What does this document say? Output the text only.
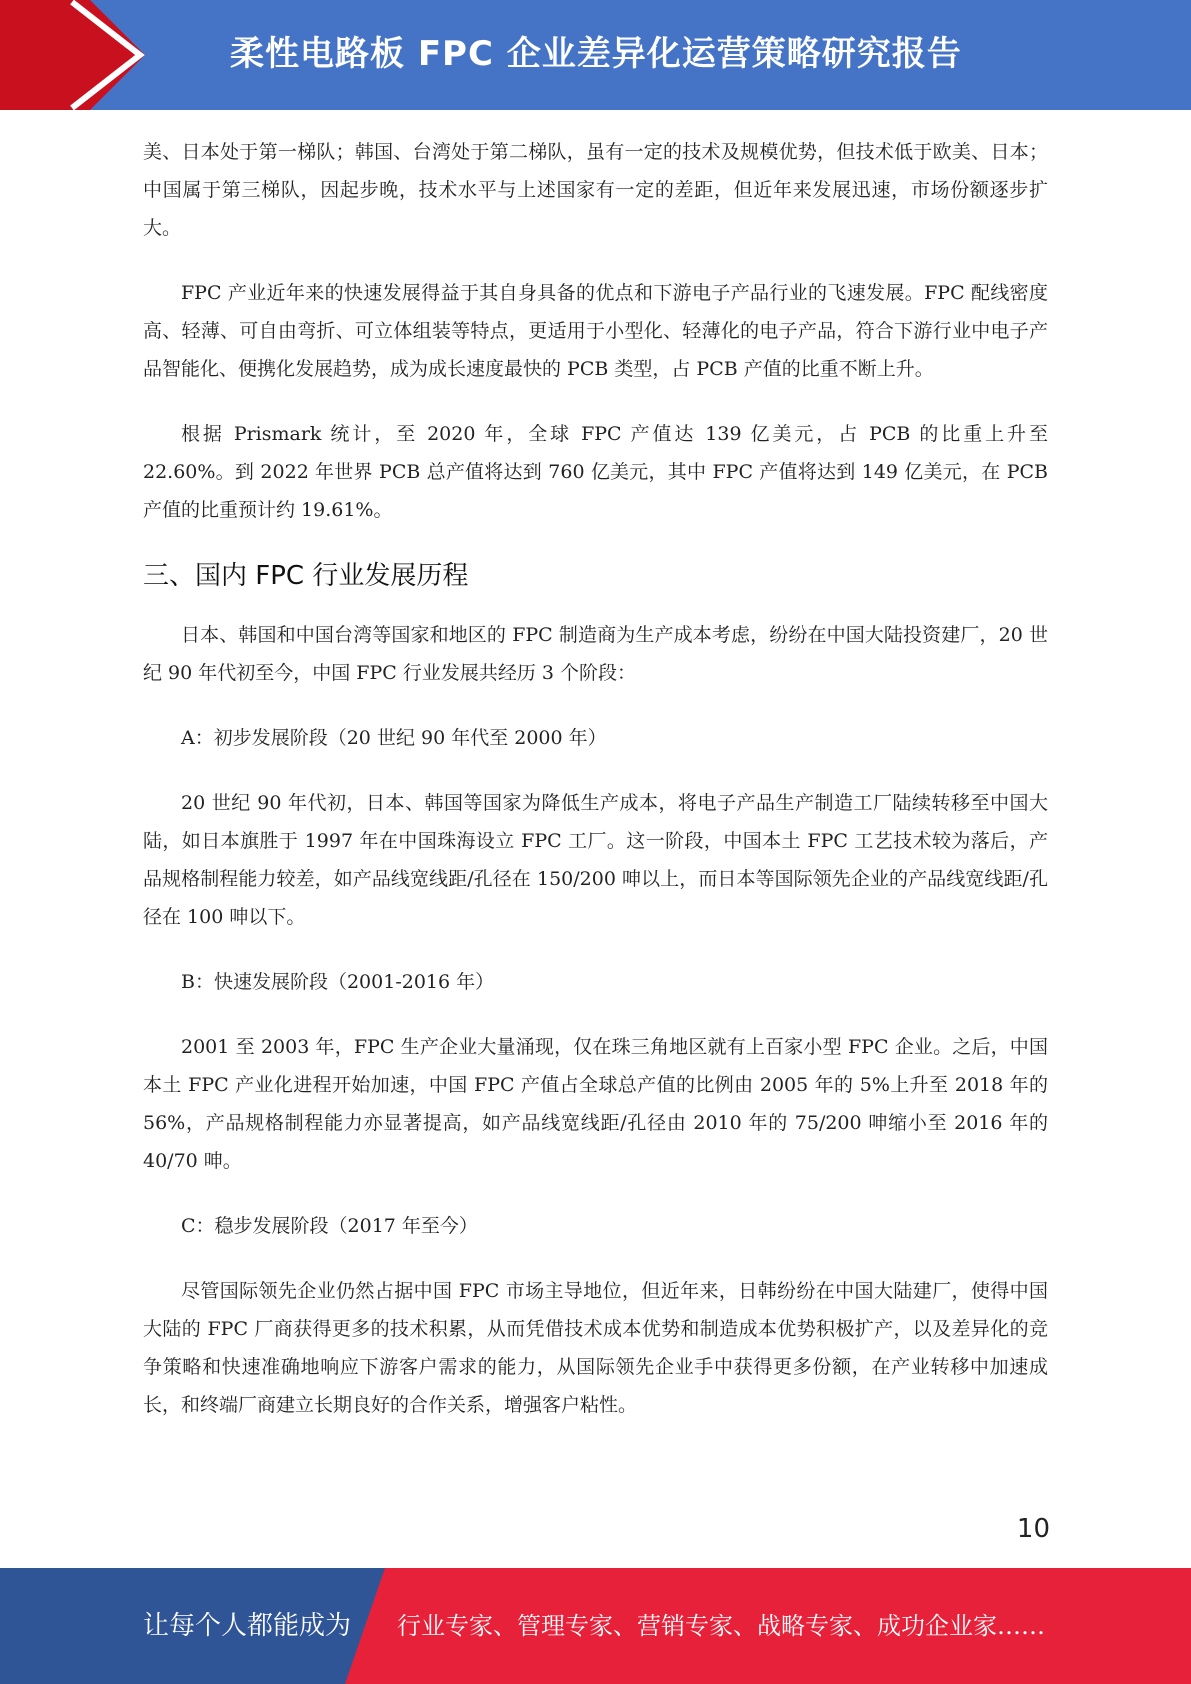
柔性电路板 FPC 企业差异化运营策略研究报告

美、日本处于第一梯队；韩国、台湾处于第二梯队，虽有一定的技术及规模优势，但技术低于欧美、日本；中国属于第三梯队，因起步晚，技术水平与上述国家有一定的差距，但近年来发展迅速，市场份额逐步扩大。

FPC 产业近年来的快速发展得益于其自身具备的优点和下游电子产品行业的飞速发展。FPC 配线密度高、轻薄、可自由弯折、可立体组装等特点，更适用于小型化、轻薄化的电子产品，符合下游行业中电子产品智能化、便携化发展趋势，成为成长速度最快的 PCB 类型，占 PCB 产值的比重不断上升。

根据 Prismark 统计，至 2020 年，全球 FPC 产值达 139 亿美元，占 PCB 的比重上升至 22.60%。到 2022 年世界 PCB 总产值将达到 760 亿美元，其中 FPC 产值将达到 149 亿美元，在 PCB 产值的比重预计约 19.61%。

三、国内 FPC 行业发展历程

日本、韩国和中国台湾等国家和地区的 FPC 制造商为生产成本考虑，纷纷在中国大陆投资建厂，20 世纪 90 年代初至今，中国 FPC 行业发展共经历 3 个阶段：

A：初步发展阶段（20 世纪 90 年代至 2000 年）

20 世纪 90 年代初，日本、韩国等国家为降低生产成本，将电子产品生产制造工厂陆续转移至中国大陆，如日本旗胜于 1997 年在中国珠海设立 FPC 工厂。这一阶段，中国本土 FPC 工艺技术较为落后，产品规格制程能力较差，如产品线宽线距/孔径在 150/200 呻以上，而日本等国际领先企业的产品线宽线距/孔径在 100 呻以下。

B：快速发展阶段（2001-2016 年）

2001 至 2003 年，FPC 生产企业大量涌现，仅在珠三角地区就有上百家小型 FPC 企业。之后，中国本土 FPC 产业化进程开始加速，中国 FPC 产值占全球总产值的比例由 2005 年的 5%上升至 2018 年的 56%，产品规格制程能力亦显著提高，如产品线宽线距/孔径由 2010 年的 75/200 呻缩小至 2016 年的 40/70 呻。

C：稳步发展阶段（2017 年至今）

尽管国际领先企业仍然占据中国 FPC 市场主导地位，但近年来，日韩纷纷在中国大陆建厂，使得中国大陆的 FPC 厂商获得更多的技术积累，从而凭借技术成本优势和制造成本优势积极扩产，以及差异化的竞争策略和快速准确地响应下游客户需求的能力，从国际领先企业手中获得更多份额，在产业转移中加速成长，和终端厂商建立长期良好的合作关系，增强客户粘性。

10
让每个人都能成为 行业专家、管理专家、营销专家、战略专家、成功企业家……
